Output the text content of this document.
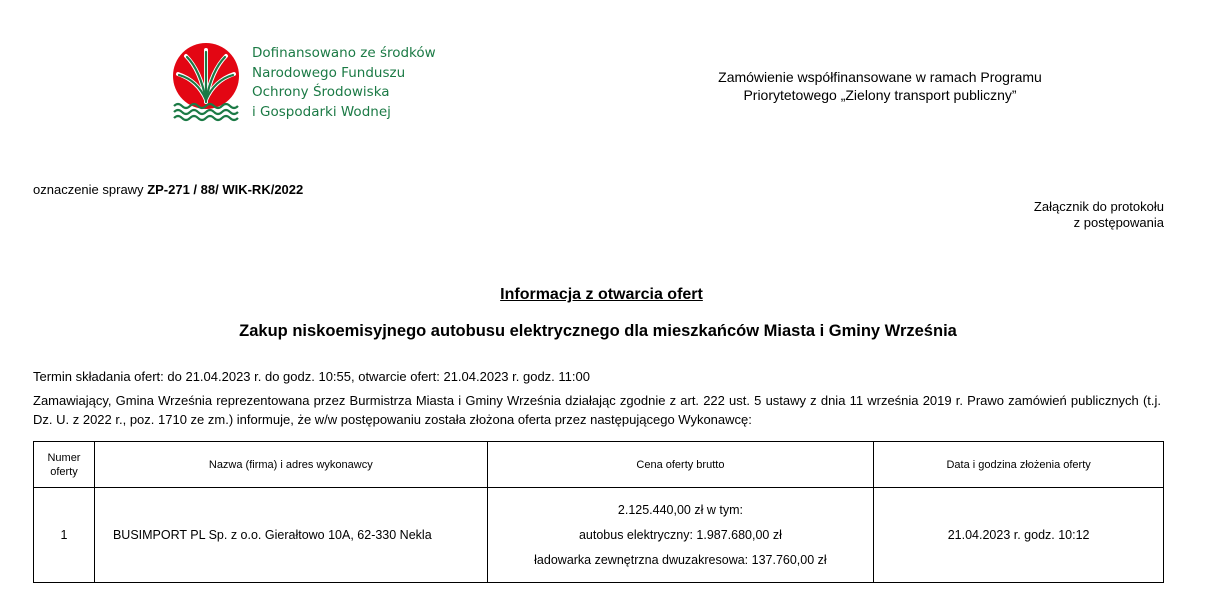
Dofinansowano ze środków
Narodowego Funduszu
Ochrony Środowiska
i Gospodarki Wodnej
Zamówienie współfinansowane w ramach Programu
Priorytetowego „Zielony transport publiczny”
oznaczenie sprawy ZP-271 / 88/ WIK-RK/2022
Załącznik do protokołu
z postępowania
Informacja z otwarcia ofert
Zakup niskoemisyjnego autobusu elektrycznego dla mieszkańców Miasta i Gminy Września
Termin składania ofert: do 21.04.2023 r. do godz. 10:55, otwarcie ofert: 21.04.2023 r. godz. 11:00
Zamawiający, Gmina Września reprezentowana przez Burmistrza Miasta i Gminy Września działając zgodnie z art. 222 ust. 5 ustawy z dnia 11 września 2019 r. Prawo zamówień publicznych (t.j. Dz. U. z 2022 r., poz. 1710 ze zm.) informuje, że w/w postępowaniu została złożona oferta przez następującego Wykonawcę:
Numer
oferty	Nazwa (firma) i adres wykonawcy	Cena oferty brutto	Data i godzina złożenia oferty
1	BUSIMPORT PL Sp. z o.o. Gierałtowo 10A, 62-330 Nekla	2.125.440,00 zł w tym:
autobus elektryczny: 1.987.680,00 zł
ładowarka zewnętrzna dwuzakresowa: 137.760,00 zł	21.04.2023 r. godz. 10:12
